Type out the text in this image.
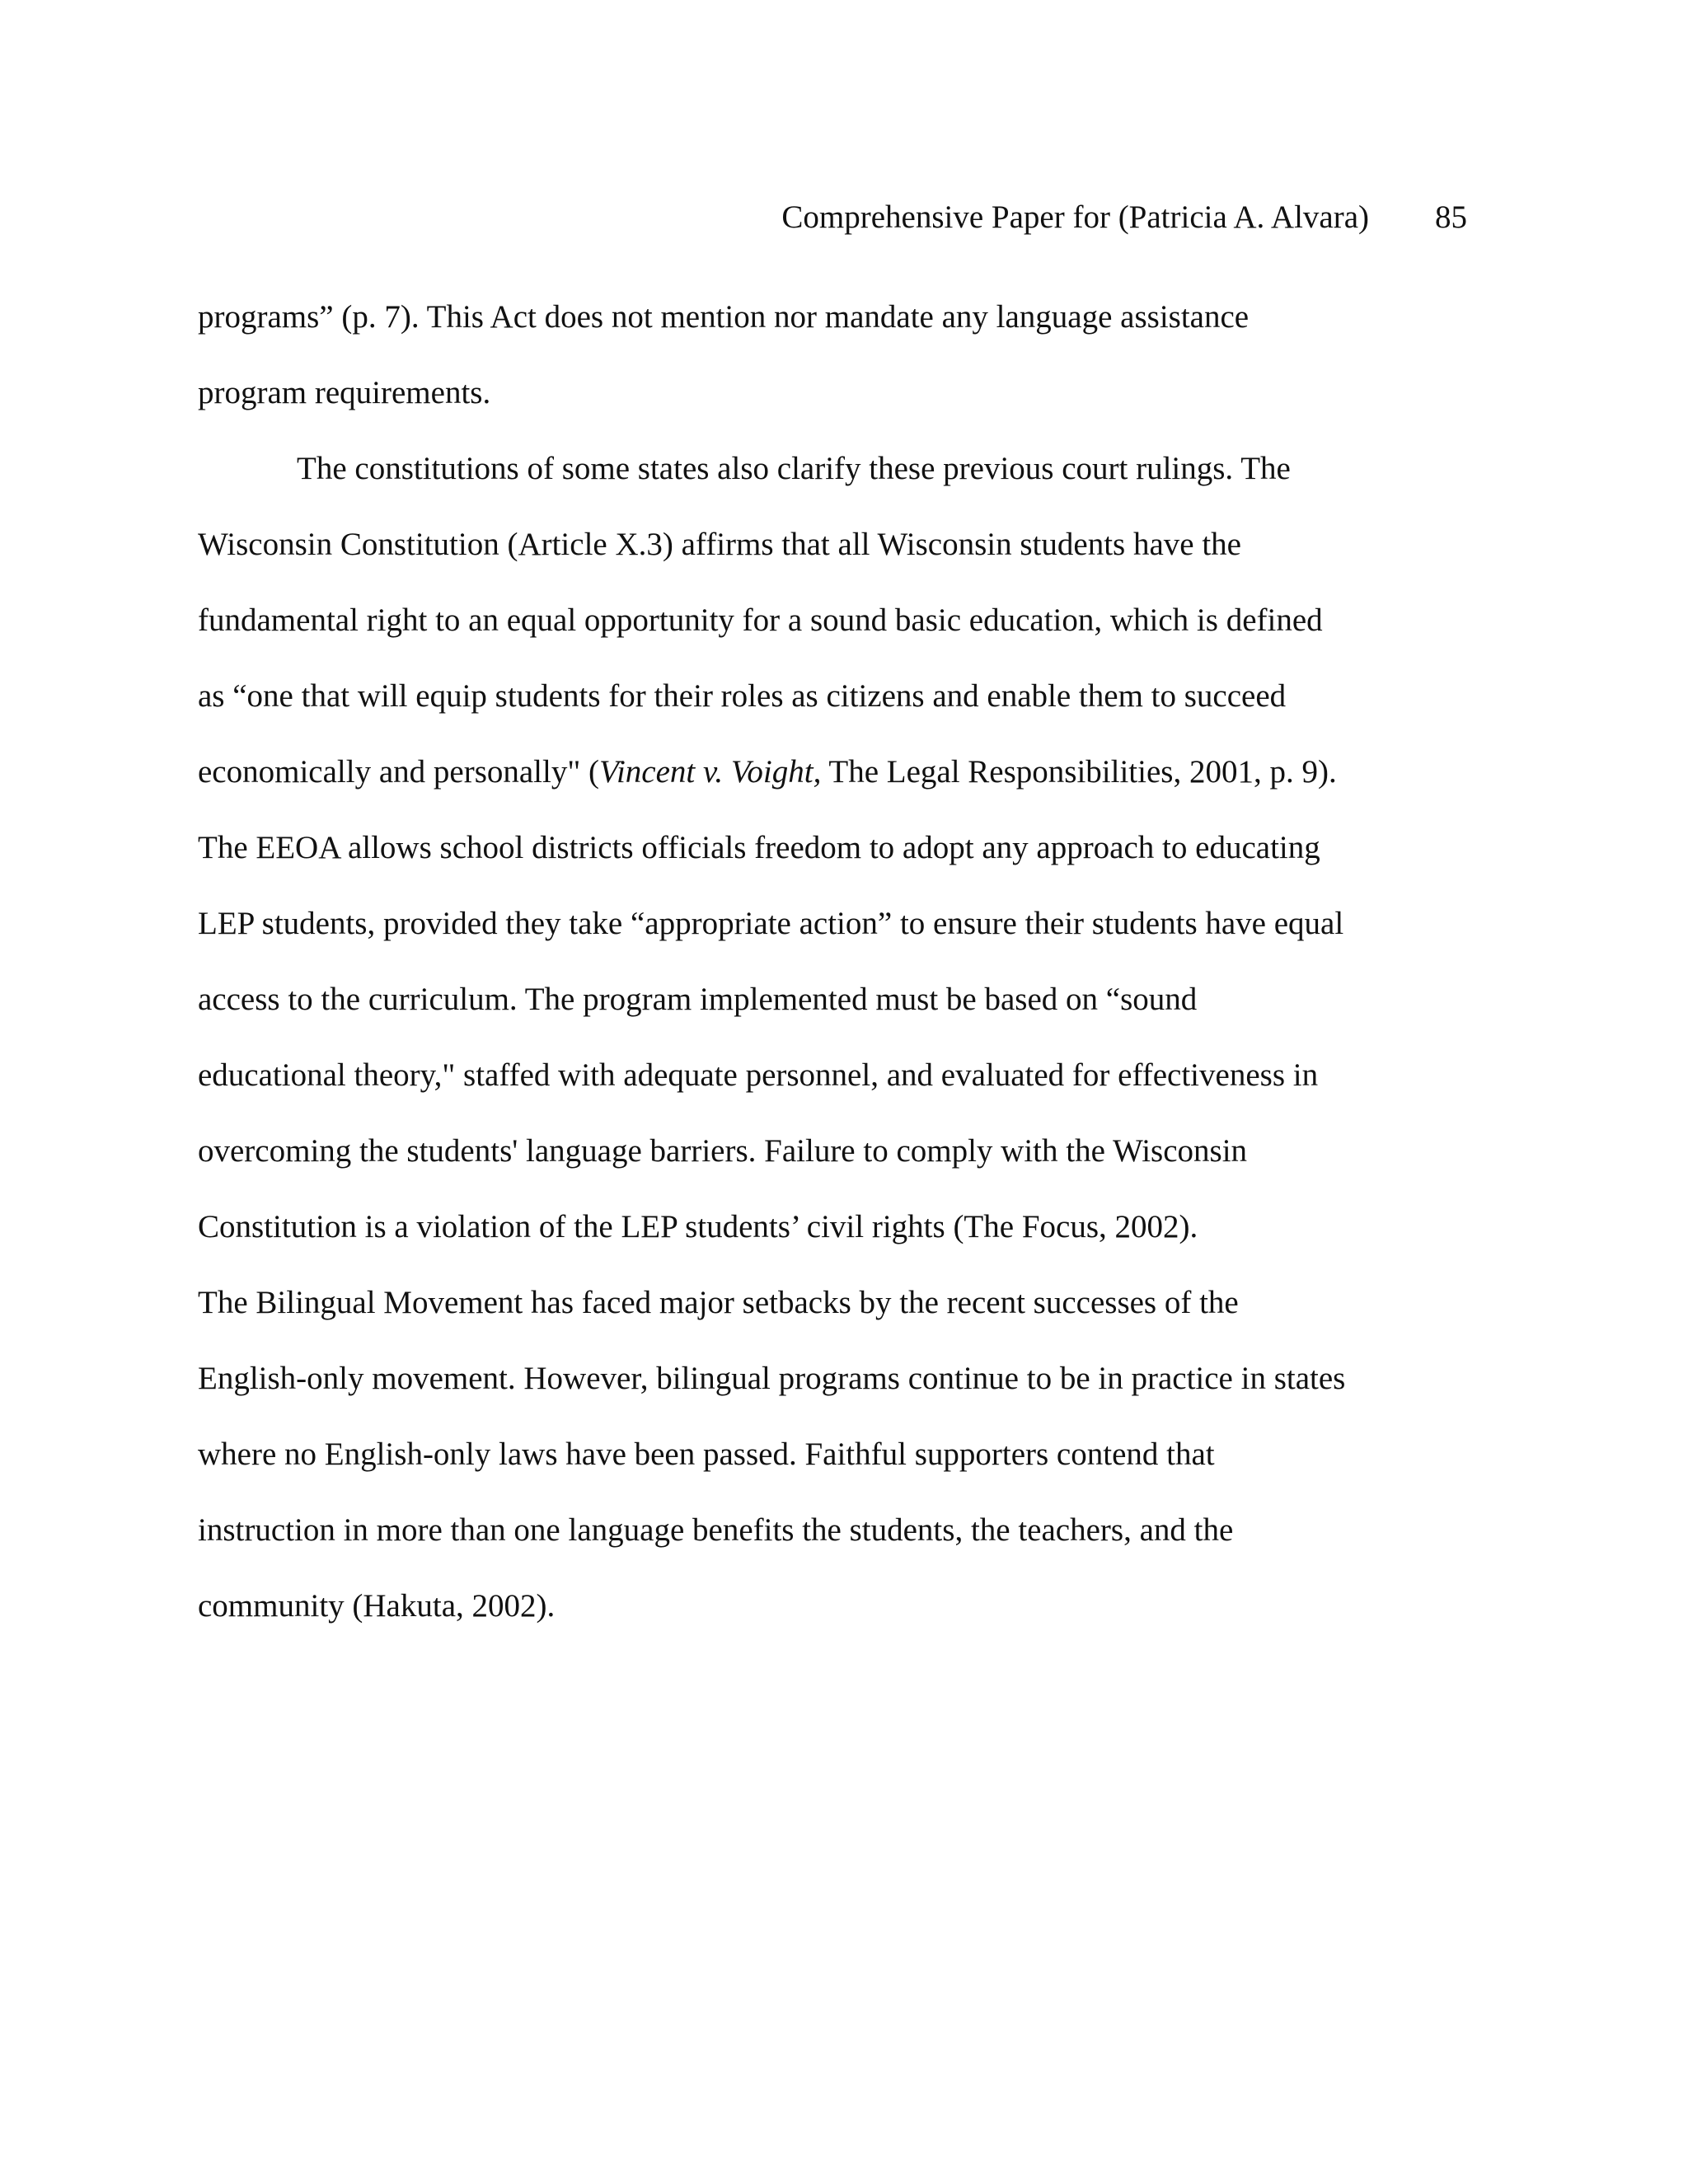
Comprehensive Paper for (Patricia A. Alvara) 85
programs” (p. 7). This Act does not mention nor mandate any language assistance
program requirements.
The constitutions of some states also clarify these previous court rulings. The
Wisconsin Constitution (Article X.3) affirms that all Wisconsin students have the
fundamental right to an equal opportunity for a sound basic education, which is defined
as “one that will equip students for their roles as citizens and enable them to succeed
economically and personally" (Vincent v. Voight, The Legal Responsibilities, 2001, p. 9).
The EEOA allows school districts officials freedom to adopt any approach to educating
LEP students, provided they take “appropriate action” to ensure their students have equal
access to the curriculum. The program implemented must be based on “sound
educational theory," staffed with adequate personnel, and evaluated for effectiveness in
overcoming the students' language barriers. Failure to comply with the Wisconsin
Constitution is a violation of the LEP students’ civil rights (The Focus, 2002).
The Bilingual Movement has faced major setbacks by the recent successes of the
English-only movement. However, bilingual programs continue to be in practice in states
where no English-only laws have been passed. Faithful supporters contend that
instruction in more than one language benefits the students, the teachers, and the
community (Hakuta, 2002).
